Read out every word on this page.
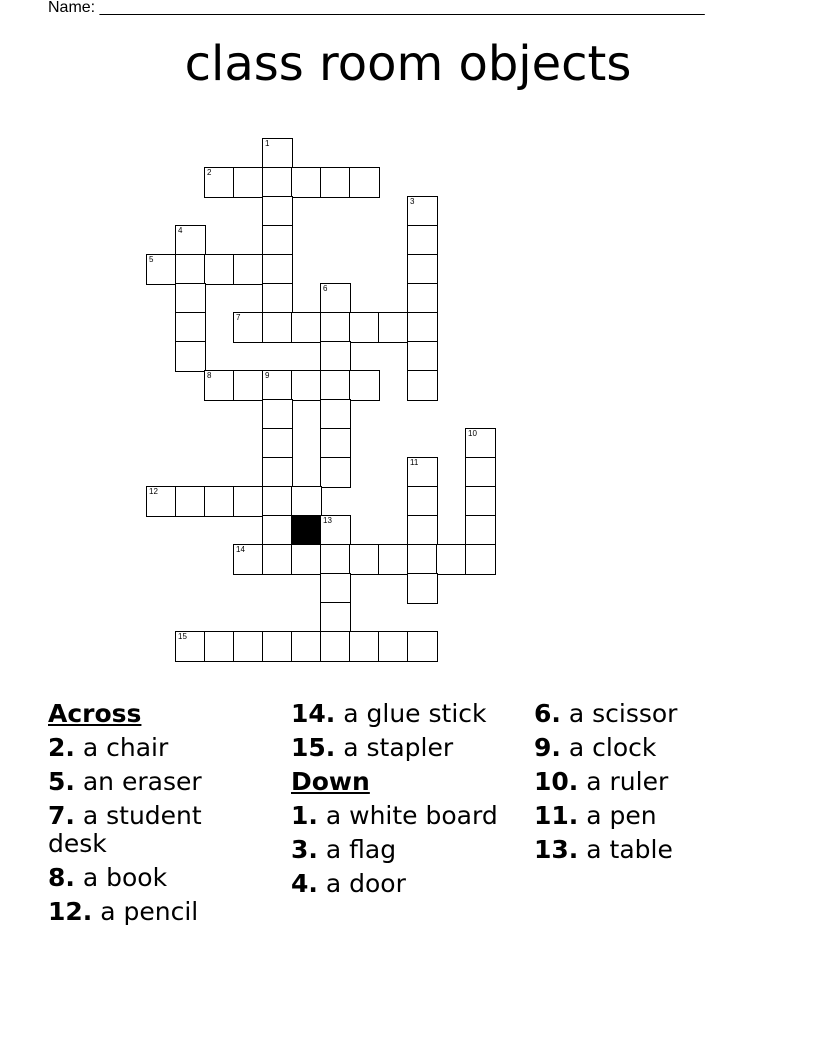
Name: ____________________________________________________________________
class room objects
1
2
3
4
5
6
7
8	9
10
11
12
13
14
15
Across
2. a chair
5. an eraser
7. a student desk
8. a book
12. a pencil
14. a glue stick
15. a stapler
Down
1. a white board
3. a flag
4. a door
6. a scissor
9. a clock
10. a ruler
11. a pen
13. a table
